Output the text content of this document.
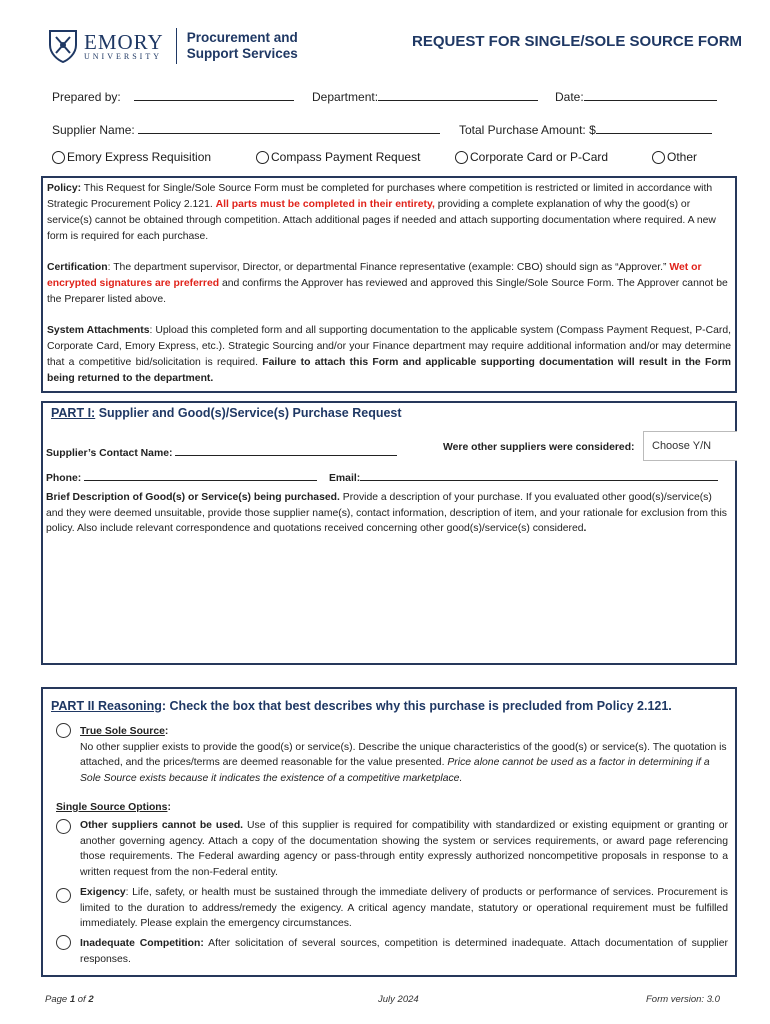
EMORY
UNIVERSITY
Procurement and
Support Services
REQUEST FOR SINGLE/SOLE SOURCE FORM
Prepared by:	Department:	Date:
Supplier Name:	Total Purchase Amount: $
Emory Express Requisition	Compass Payment Request	Corporate Card or P-Card	Other

Policy: This Request for Single/Sole Source Form must be completed for purchases where competition is restricted or limited in accordance with Strategic Procurement Policy 2.121. All parts must be completed in their entirety, providing a complete explanation of why the good(s) or service(s) cannot be obtained through competition. Attach additional pages if needed and attach supporting documentation where required. A new form is required for each purchase.

Certification: The department supervisor, Director, or departmental Finance representative (example: CBO) should sign as “Approver.” Wet or encrypted signatures are preferred and confirms the Approver has reviewed and approved this Single/Sole Source Form. The Approver cannot be the Preparer listed above.

System Attachments: Upload this completed form and all supporting documentation to the applicable system (Compass Payment Request, P-Card, Corporate Card, Emory Express, etc.). Strategic Sourcing and/or your Finance department may require additional information and/or may determine that a competitive bid/solicitation is required. Failure to attach this Form and applicable supporting documentation will result in the Form being returned to the department.

PART I: Supplier and Good(s)/Service(s) Purchase Request
Supplier’s Contact Name:
Were other suppliers were considered:	Choose Y/N
Phone:	Email:
Brief Description of Good(s) or Service(s) being purchased. Provide a description of your purchase. If you evaluated other good(s)/service(s) and they were deemed unsuitable, provide those supplier name(s), contact information, description of item, and your rationale for exclusion from this policy. Also include relevant correspondence and quotations received concerning other good(s)/service(s) considered.
PART II Reasoning: Check the box that best describes why this purchase is precluded from Policy 2.121.
True Sole Source:
No other supplier exists to provide the good(s) or service(s). Describe the unique characteristics of the good(s) or service(s). The quotation is attached, and the prices/terms are deemed reasonable for the value presented. Price alone cannot be used as a factor in determining if a Sole Source exists because it indicates the existence of a competitive marketplace.
Single Source Options:
Other suppliers cannot be used. Use of this supplier is required for compatibility with standardized or existing equipment or granting or another governing agency. Attach a copy of the documentation showing the system or services requirements, or award page referencing those requirements. The Federal awarding agency or pass-through entity expressly authorized noncompetitive proposals in response to a written request from the non-Federal entity.
Exigency: Life, safety, or health must be sustained through the immediate delivery of products or performance of services. Procurement is limited to the duration to address/remedy the exigency. A critical agency mandate, statutory or operational requirement must be fulfilled immediately. Please explain the emergency circumstances.
Inadequate Competition: After solicitation of several sources, competition is determined inadequate. Attach documentation of supplier responses.
Page 1 of 2	July 2024	Form version: 3.0
